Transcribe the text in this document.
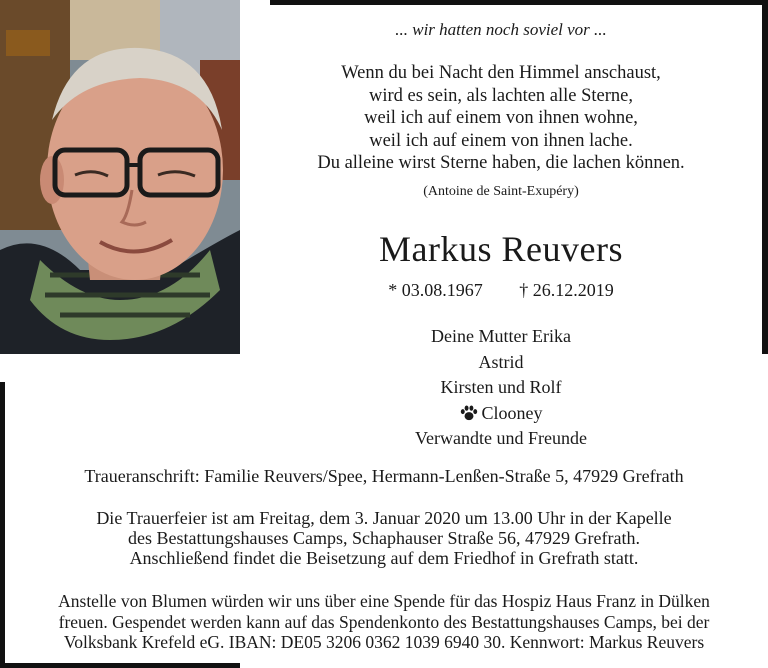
... wir hatten noch soviel vor ...
Wenn du bei Nacht den Himmel anschaust,
wird es sein, als lachten alle Sterne,
weil ich auf einem von ihnen wohne,
weil ich auf einem von ihnen lache.
Du alleine wirst Sterne haben, die lachen können.
(Antoine de Saint-Exupéry)
Markus Reuvers
* 03.08.1967 † 26.12.2019
Deine Mutter Erika
Astrid
Kirsten und Rolf
Clooney
Verwandte und Freunde
Traueranschrift: Familie Reuvers/Spee, Hermann-Lenßen-Straße 5, 47929 Grefrath
Die Trauerfeier ist am Freitag, dem 3. Januar 2020 um 13.00 Uhr in der Kapelle
des Bestattungshauses Camps, Schaphauser Straße 56, 47929 Grefrath.
Anschließend findet die Beisetzung auf dem Friedhof in Grefrath statt.
Anstelle von Blumen würden wir uns über eine Spende für das Hospiz Haus Franz in Dülken
freuen. Gespendet werden kann auf das Spendenkonto des Bestattungshauses Camps, bei der
Volksbank Krefeld eG. IBAN: DE05 3206 0362 1039 6940 30. Kennwort: Markus Reuvers
